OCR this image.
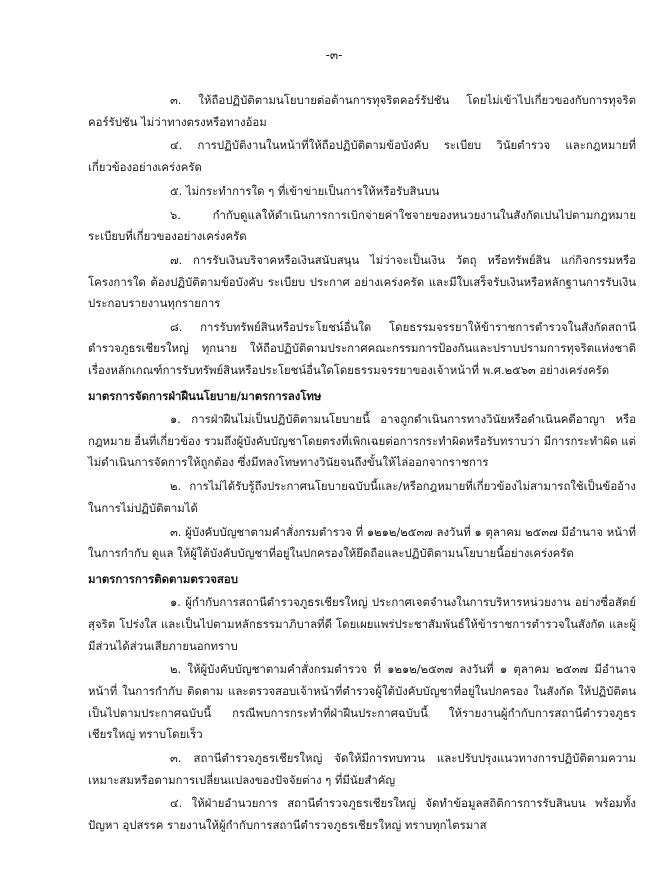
-๓-

๓. ให้ถือปฏิบัติตามนโยบายต่อต้านการทุจริตคอร์รัปชัน โดยไม่เข้าไปเกี่ยวของกับการทุจริต คอร์รัปชัน ไม่ว่าทางตรงหรือทางอ้อม

๔. การปฏิบัติงานในหน้าที่ให้ถือปฏิบัติตามข้อบังคับ ระเบียบ วินัยตำรวจ และกฎหมายที่ เกี่ยวข้องอย่างเคร่งครัด

๕. ไม่กระทำการใด ๆ ที่เข้าข่ายเป็นการให้หรือรับสินบน

๖. กำกับดูแลให้ดำเนินการการเบิกจ่ายค่าใชจายของหนวยงานในสังกัดเปนไปตามกฎหมาย ระเบียบที่เกี่ยวของอย่างเคร่งครัด

๗. การรับเงินบริจาคหรือเงินสนับสนุน ไม่ว่าจะเป็นเงิน วัตถุ หรือทรัพย์สิน แก่กิจกรรมหรือ โครงการใด ต้องปฏิบัติตามข้อบังคับ ระเบียบ ประกาศ อย่างเคร่งครัด และมีใบเสร็จรับเงินหรือหลักฐานการรับเงิน ประกอบรายงานทุกรายการ

๘. การรับทรัพย์สินหรือประโยชน์อื่นใด โดยธรรมจรรยาให้ข้าราชการตำรวจในสังกัดสถานี ตำรวจภูธรเชียรใหญ่ ทุกนาย ให้ถือปฏิบัติตามประกาศคณะกรรมการป้องกันและปราบปรามการทุจริตแห่งชาติ เรื่องหลักเกณฑ์การรับทรัพย์สินหรือประโยชน์อื่นใดโดยธรรมจรรยาของเจ้าหน้าที่ พ.ศ.๒๕๖๓ อย่างเคร่งครัด

มาตรการจัดการฝ่าฝืนนโยบาย/มาตรการลงโทษ

๑. การฝ่าฝืนไม่เป็นปฏิบัติตามนโยบายนี้ อาจถูกดำเนินการทางวินัยหรือดำเนินคดีอาญา หรือ กฎหมาย อื่นที่เกี่ยวข้อง รวมถึงผู้บังคับบัญชาโดยตรงที่เพิกเฉยต่อการกระทำผิดหรือรับทราบว่า มีการกระทำผิด แต่ไม่ดำเนินการจัดการให้ถูกต้อง ซึ่งมีทลงโทษทางวินัยจนถึงขั้นให้ไล่ออกจากราชการ

๒. การไม่ได้รับรู้ถึงประกาศนโยบายฉบับนี้และ/หรือกฎหมายที่เกี่ยวข้องไม่สามารถใช้เป็นข้ออ้าง ในการไม่ปฏิบัติตามได้

๓. ผู้บังคับบัญชาตามคำสั่งกรมตำรวจ ที่ ๑๒๑๒/๒๕๓๗ ลงวันที่ ๑ ตุลาคม ๒๕๓๗ มีอำนาจ หน้าที่ ในการกำกับ ดูแล ให้ผู้ใต้บังคับบัญชาที่อยู่ในปกครองให้ยึดถือและปฏิบัติตามนโยบายนี้อย่างเคร่งครัด

มาตรการการติดตามตรวจสอบ

๑. ผู้กำกับการสถานีตำรวจภูธรเชียรใหญ่ ประกาศเจตจำนงในการบริหารหน่วยงาน อย่างซื่อสัตย์ สุจริต โปร่งใส และเป็นไปตามหลักธรรมาภิบาลที่ดี โดยเผยแพร่ประชาสัมพันธ์ให้ข้าราชการตำรวจในสังกัด และผู้ มีส่วนได้ส่วนเสียภายนอกทราบ

๒. ให้ผู้บังคับบัญชาตามคำสั่งกรมตำรวจ ที่ ๑๒๑๒/๒๕๓๗ ลงวันที่ ๑ ตุลาคม ๒๕๓๗ มีอำนาจ หน้าที่ ในการกำกับ ติดตาม และตรวจสอบเจ้าหน้าที่ตำรวจผู้ใต้บังคับบัญชาที่อยู่ในปกครอง ในสังกัด ให้ปฏิบัติตน เป็นไปตามประกาศฉบับนี้ กรณีพบการกระทำที่ฝ่าฝืนประกาศฉบับนี้ ให้รายงานผู้กำกับการสถานีตำรวจภูธร เชียรใหญ่ ทราบโดยเร็ว

๓. สถานีตำรวจภูธรเชียรใหญ่ จัดให้มีการทบทวน และปรับปรุงแนวทางการปฏิบัติตามความ เหมาะสมหรือตามการเปลี่ยนแปลงของปัจจัยต่าง ๆ ที่มีนัยสำคัญ

๔. ให้ฝ่ายอำนวยการ สถานีตำรวจภูธรเชียรใหญ่ จัดทำข้อมูลสถิติการการรับสินบน พร้อมทั้ง ปัญหา อุปสรรค รายงานให้ผู้กำกับการสถานีตำรวจภูธรเชียรใหญ่ ทราบทุกไตรมาส
